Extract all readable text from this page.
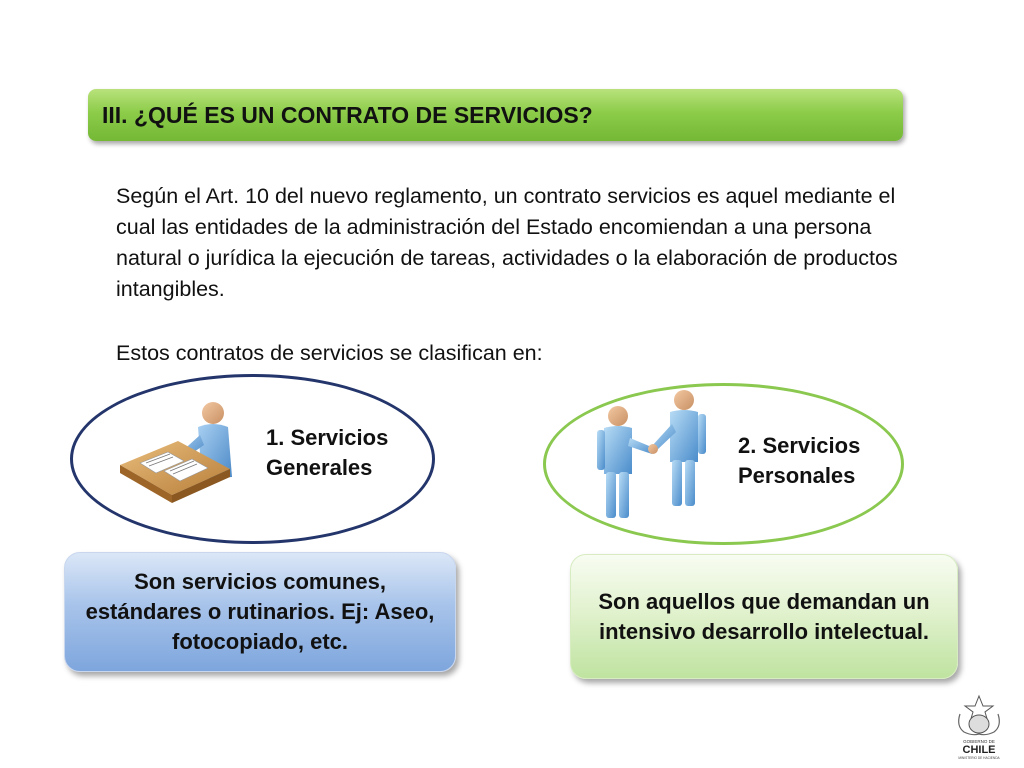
III. ¿QUÉ ES UN CONTRATO DE SERVICIOS?

Según el Art. 10 del nuevo reglamento, un contrato servicios es aquel mediante el cual las entidades de la administración del Estado encomiendan a una persona natural o jurídica la ejecución de tareas, actividades o la elaboración de productos intangibles.

Estos contratos de servicios se clasifican en:

1. Servicios
Generales
2. Servicios
Personales
Son servicios comunes, estándares o rutinarios. Ej: Aseo, fotocopiado, etc.
Son aquellos que demandan un intensivo desarrollo intelectual.
GOBIERNO DE
CHILE
MINISTERIO DE HACIENDA
